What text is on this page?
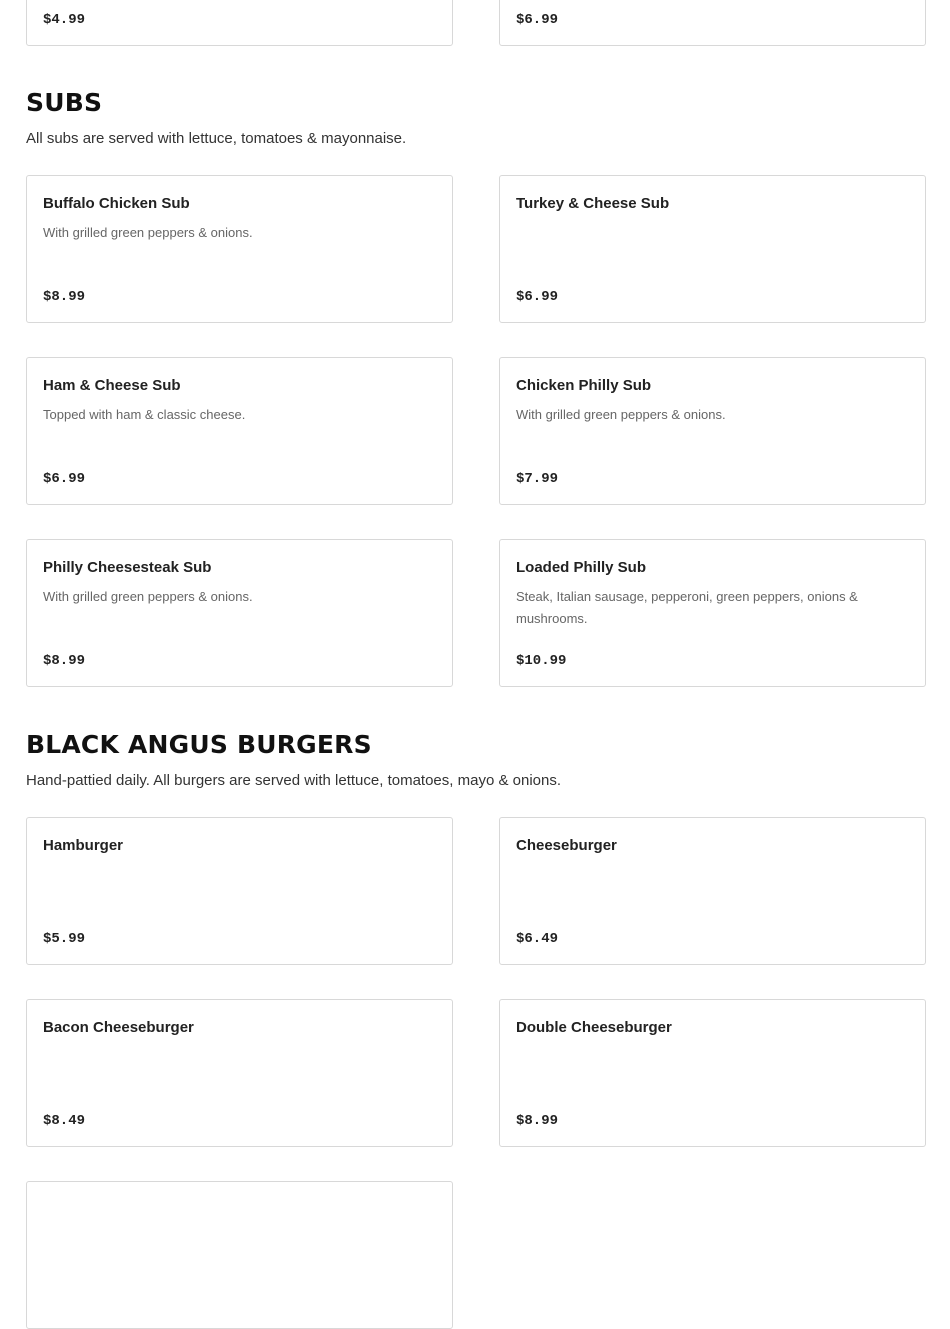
$4.99	$6.99
SUBS

All subs are served with lettuce, tomatoes & mayonnaise.

Buffalo Chicken Sub
With grilled green peppers & onions.
$8.99
Turkey & Cheese Sub
$6.99
Ham & Cheese Sub
Topped with ham & classic cheese.
$6.99
Chicken Philly Sub
With grilled green peppers & onions.
$7.99
Philly Cheesesteak Sub
With grilled green peppers & onions.
$8.99
Loaded Philly Sub
Steak, Italian sausage, pepperoni, green peppers, onions & mushrooms.
$10.99
BLACK ANGUS BURGERS

Hand-pattied daily. All burgers are served with lettuce, tomatoes, mayo & onions.

Hamburger
$5.99
Cheeseburger
$6.49
Bacon Cheeseburger
$8.49
Double Cheeseburger
$8.99
